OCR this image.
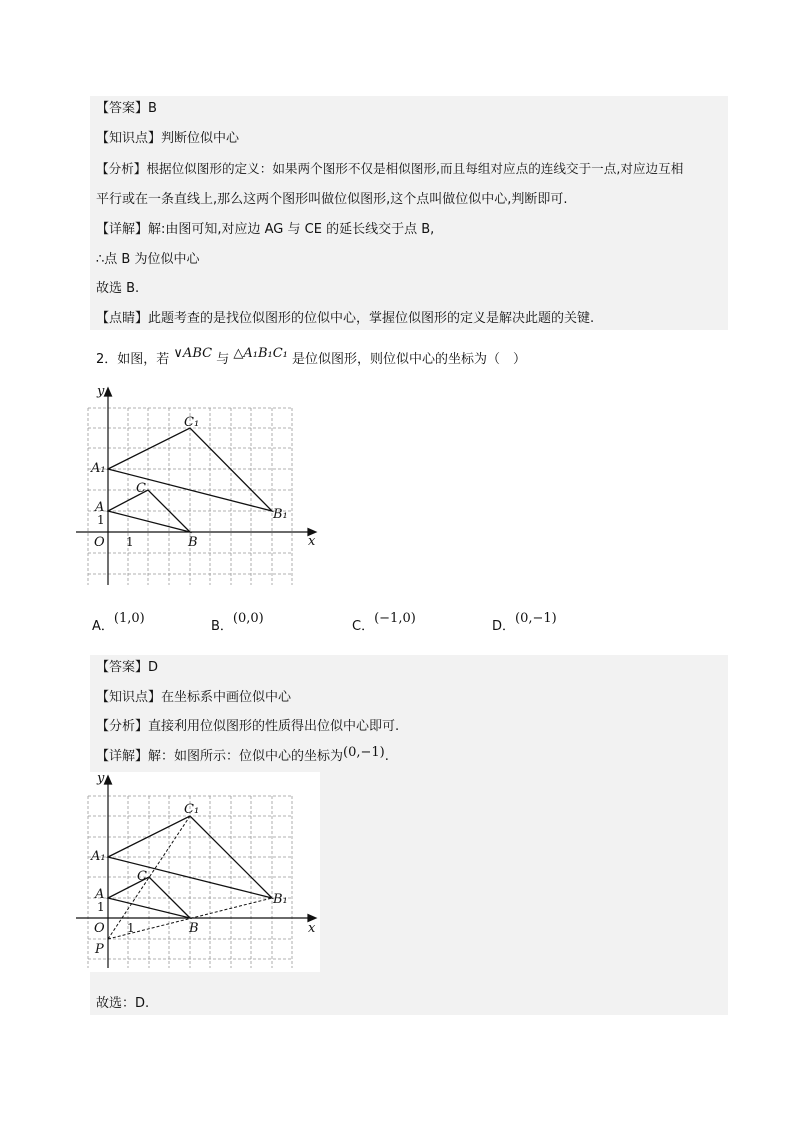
【答案】B
【知识点】判断位似中心
【分析】根据位似图形的定义：如果两个图形不仅是相似图形,而且每组对应点的连线交于一点,对应边互相
平行或在一条直线上,那么这两个图形叫做位似图形,这个点叫做位似中心,判断即可.
【详解】解:由图可知,对应边 AG 与 CE 的延长线交于点 B,
∴点 B 为位似中心
故选 B.
【点睛】此题考查的是找位似图形的位似中心，掌握位似图形的定义是解决此题的关键.
2．如图，若 ∨ABC 与 △A₁B₁C₁ 是位似图形，则位似中心的坐标为（　）
y
x
O
A
B
C
A₁
B₁
C₁
1
1
A．(1,0)
B．(0,0)
C．(−1,0)
D．(0,−1)
【答案】D
【知识点】在坐标系中画位似中心
【分析】直接利用位似图形的性质得出位似中心即可.
【详解】解：如图所示：位似中心的坐标为(0,−1).
y
x
O
P
A
B
C
A₁
B₁
C₁
1
1
故选：D.
